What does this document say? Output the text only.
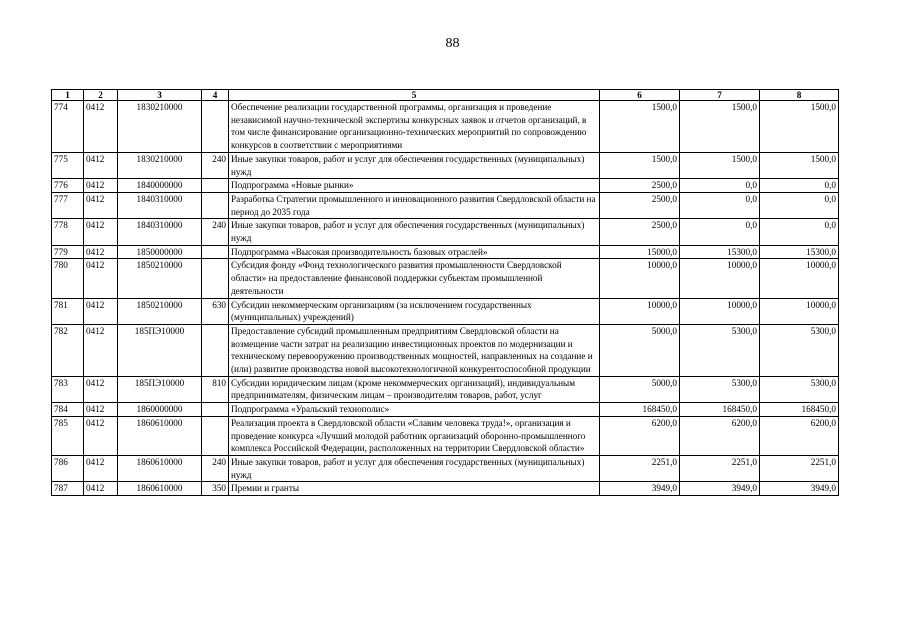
88
1	2	3	4	5	6	7	8
774	0412	1830210000		Обеспечение реализации государственной программы, организация и проведение независимой научно-технической экспертизы конкурсных заявок и отчетов организаций, в том числе финансирование организационно-технических мероприятий по сопровождению конкурсов в соответствии с мероприятиями	1500,0	1500,0	1500,0
775	0412	1830210000	240	Иные закупки товаров, работ и услуг для обеспечения государственных (муниципальных) нужд	1500,0	1500,0	1500,0
776	0412	1840000000		Подпрограмма «Новые рынки»	2500,0	0,0	0,0
777	0412	1840310000		Разработка Стратегии промышленного и инновационного развития Свердловской области на период до 2035 года	2500,0	0,0	0,0
778	0412	1840310000	240	Иные закупки товаров, работ и услуг для обеспечения государственных (муниципальных) нужд	2500,0	0,0	0,0
779	0412	1850000000		Подпрограмма «Высокая производительность базовых отраслей»	15000,0	15300,0	15300,0
780	0412	1850210000		Субсидия фонду «Фонд технологического развития промышленности Свердловской области» на предоставление финансовой поддержки субъектам промышленной деятельности	10000,0	10000,0	10000,0
781	0412	1850210000	630	Субсидии некоммерческим организациям (за исключением государственных (муниципальных) учреждений)	10000,0	10000,0	10000,0
782	0412	185ПЭ10000		Предоставление субсидий промышленным предприятиям Свердловской области на возмещение части затрат на реализацию инвестиционных проектов по модернизации и техническому перевооружению производственных мощностей, направленных на создание и (или) развитие производства новой высокотехнологичной конкурентоспособной продукции	5000,0	5300,0	5300,0
783	0412	185ПЭ10000	810	Субсидии юридическим лицам (кроме некоммерческих организаций), индивидуальным предпринимателям, физическим лицам – производителям товаров, работ, услуг	5000,0	5300,0	5300,0
784	0412	1860000000		Подпрограмма «Уральский технополис»	168450,0	168450,0	168450,0
785	0412	1860610000		Реализация проекта в Свердловской области «Славим человека труда!», организация и проведение конкурса «Лучший молодой работник организаций оборонно-промышленного комплекса Российской Федерации, расположенных на территории Свердловской области»	6200,0	6200,0	6200,0
786	0412	1860610000	240	Иные закупки товаров, работ и услуг для обеспечения государственных (муниципальных) нужд	2251,0	2251,0	2251,0
787	0412	1860610000	350	Премии и гранты	3949,0	3949,0	3949,0
